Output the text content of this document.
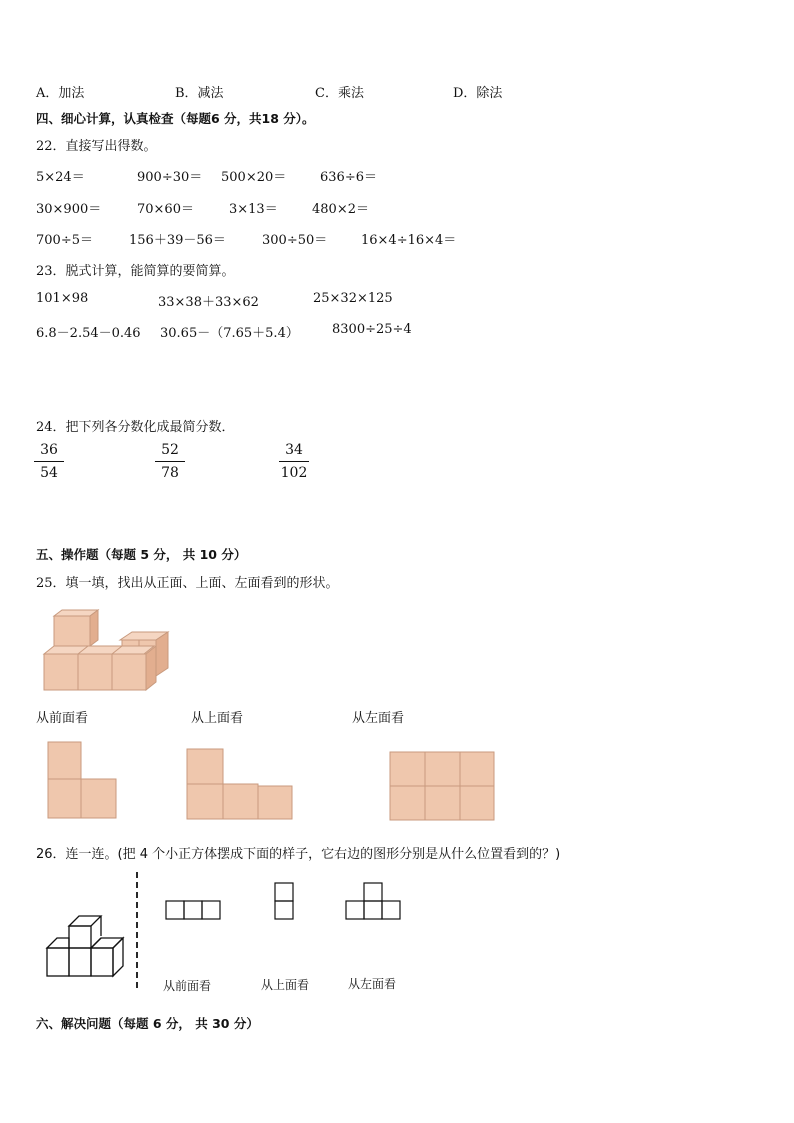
A．加法	B．减法	C．乘法	D．除法
四、细心计算，认真检查（每题6 分，共18 分）。
22．直接写出得数。
5×24＝	900÷30＝ 500×20＝	636÷6＝
30×900＝	70×60＝	3×13＝	480×2＝
700÷5＝	156＋39－56＝	300÷50＝	16×4÷16×4＝
23．脱式计算，能简算的要简算。
101×98	33×38＋33×62	25×32×125
6.8－2.54－0.46 30.65－（7.65＋5.4）	8300÷25÷4
24．把下列各分数化成最简分数．
36
54
52
78
34
102
五、操作题（每题 5 分， 共 10 分）
25．填一填，找出从正面、上面、左面看到的形状。
从前面看	从上面看	从左面看
26．连一连。(把 4 个小正方体摆成下面的样子，它右边的图形分别是从什么位置看到的？)
从前面看	从上面看	从左面看
六、解决问题（每题 6 分， 共 30 分）
